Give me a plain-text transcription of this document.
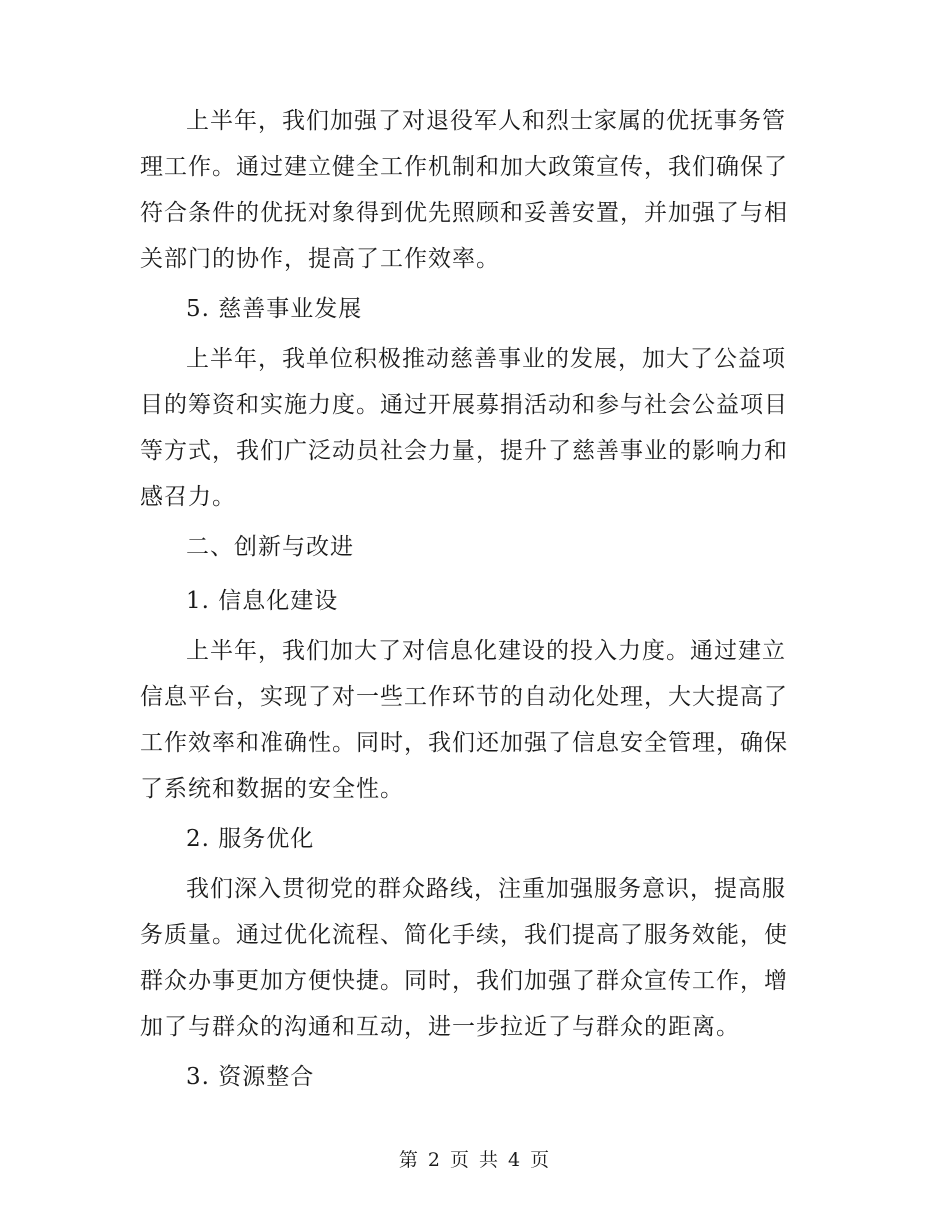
上半年，我们加强了对退役军人和烈士家属的优抚事务管理工作。通过建立健全工作机制和加大政策宣传，我们确保了符合条件的优抚对象得到优先照顾和妥善安置，并加强了与相关部门的协作，提高了工作效率。

5. 慈善事业发展

上半年，我单位积极推动慈善事业的发展，加大了公益项目的筹资和实施力度。通过开展募捐活动和参与社会公益项目等方式，我们广泛动员社会力量，提升了慈善事业的影响力和感召力。

二、创新与改进

1. 信息化建设

上半年，我们加大了对信息化建设的投入力度。通过建立信息平台，实现了对一些工作环节的自动化处理，大大提高了工作效率和准确性。同时，我们还加强了信息安全管理，确保了系统和数据的安全性。

2. 服务优化

我们深入贯彻党的群众路线，注重加强服务意识，提高服务质量。通过优化流程、简化手续，我们提高了服务效能，使群众办事更加方便快捷。同时，我们加强了群众宣传工作，增加了与群众的沟通和互动，进一步拉近了与群众的距离。

3. 资源整合

第 2 页 共 4 页
